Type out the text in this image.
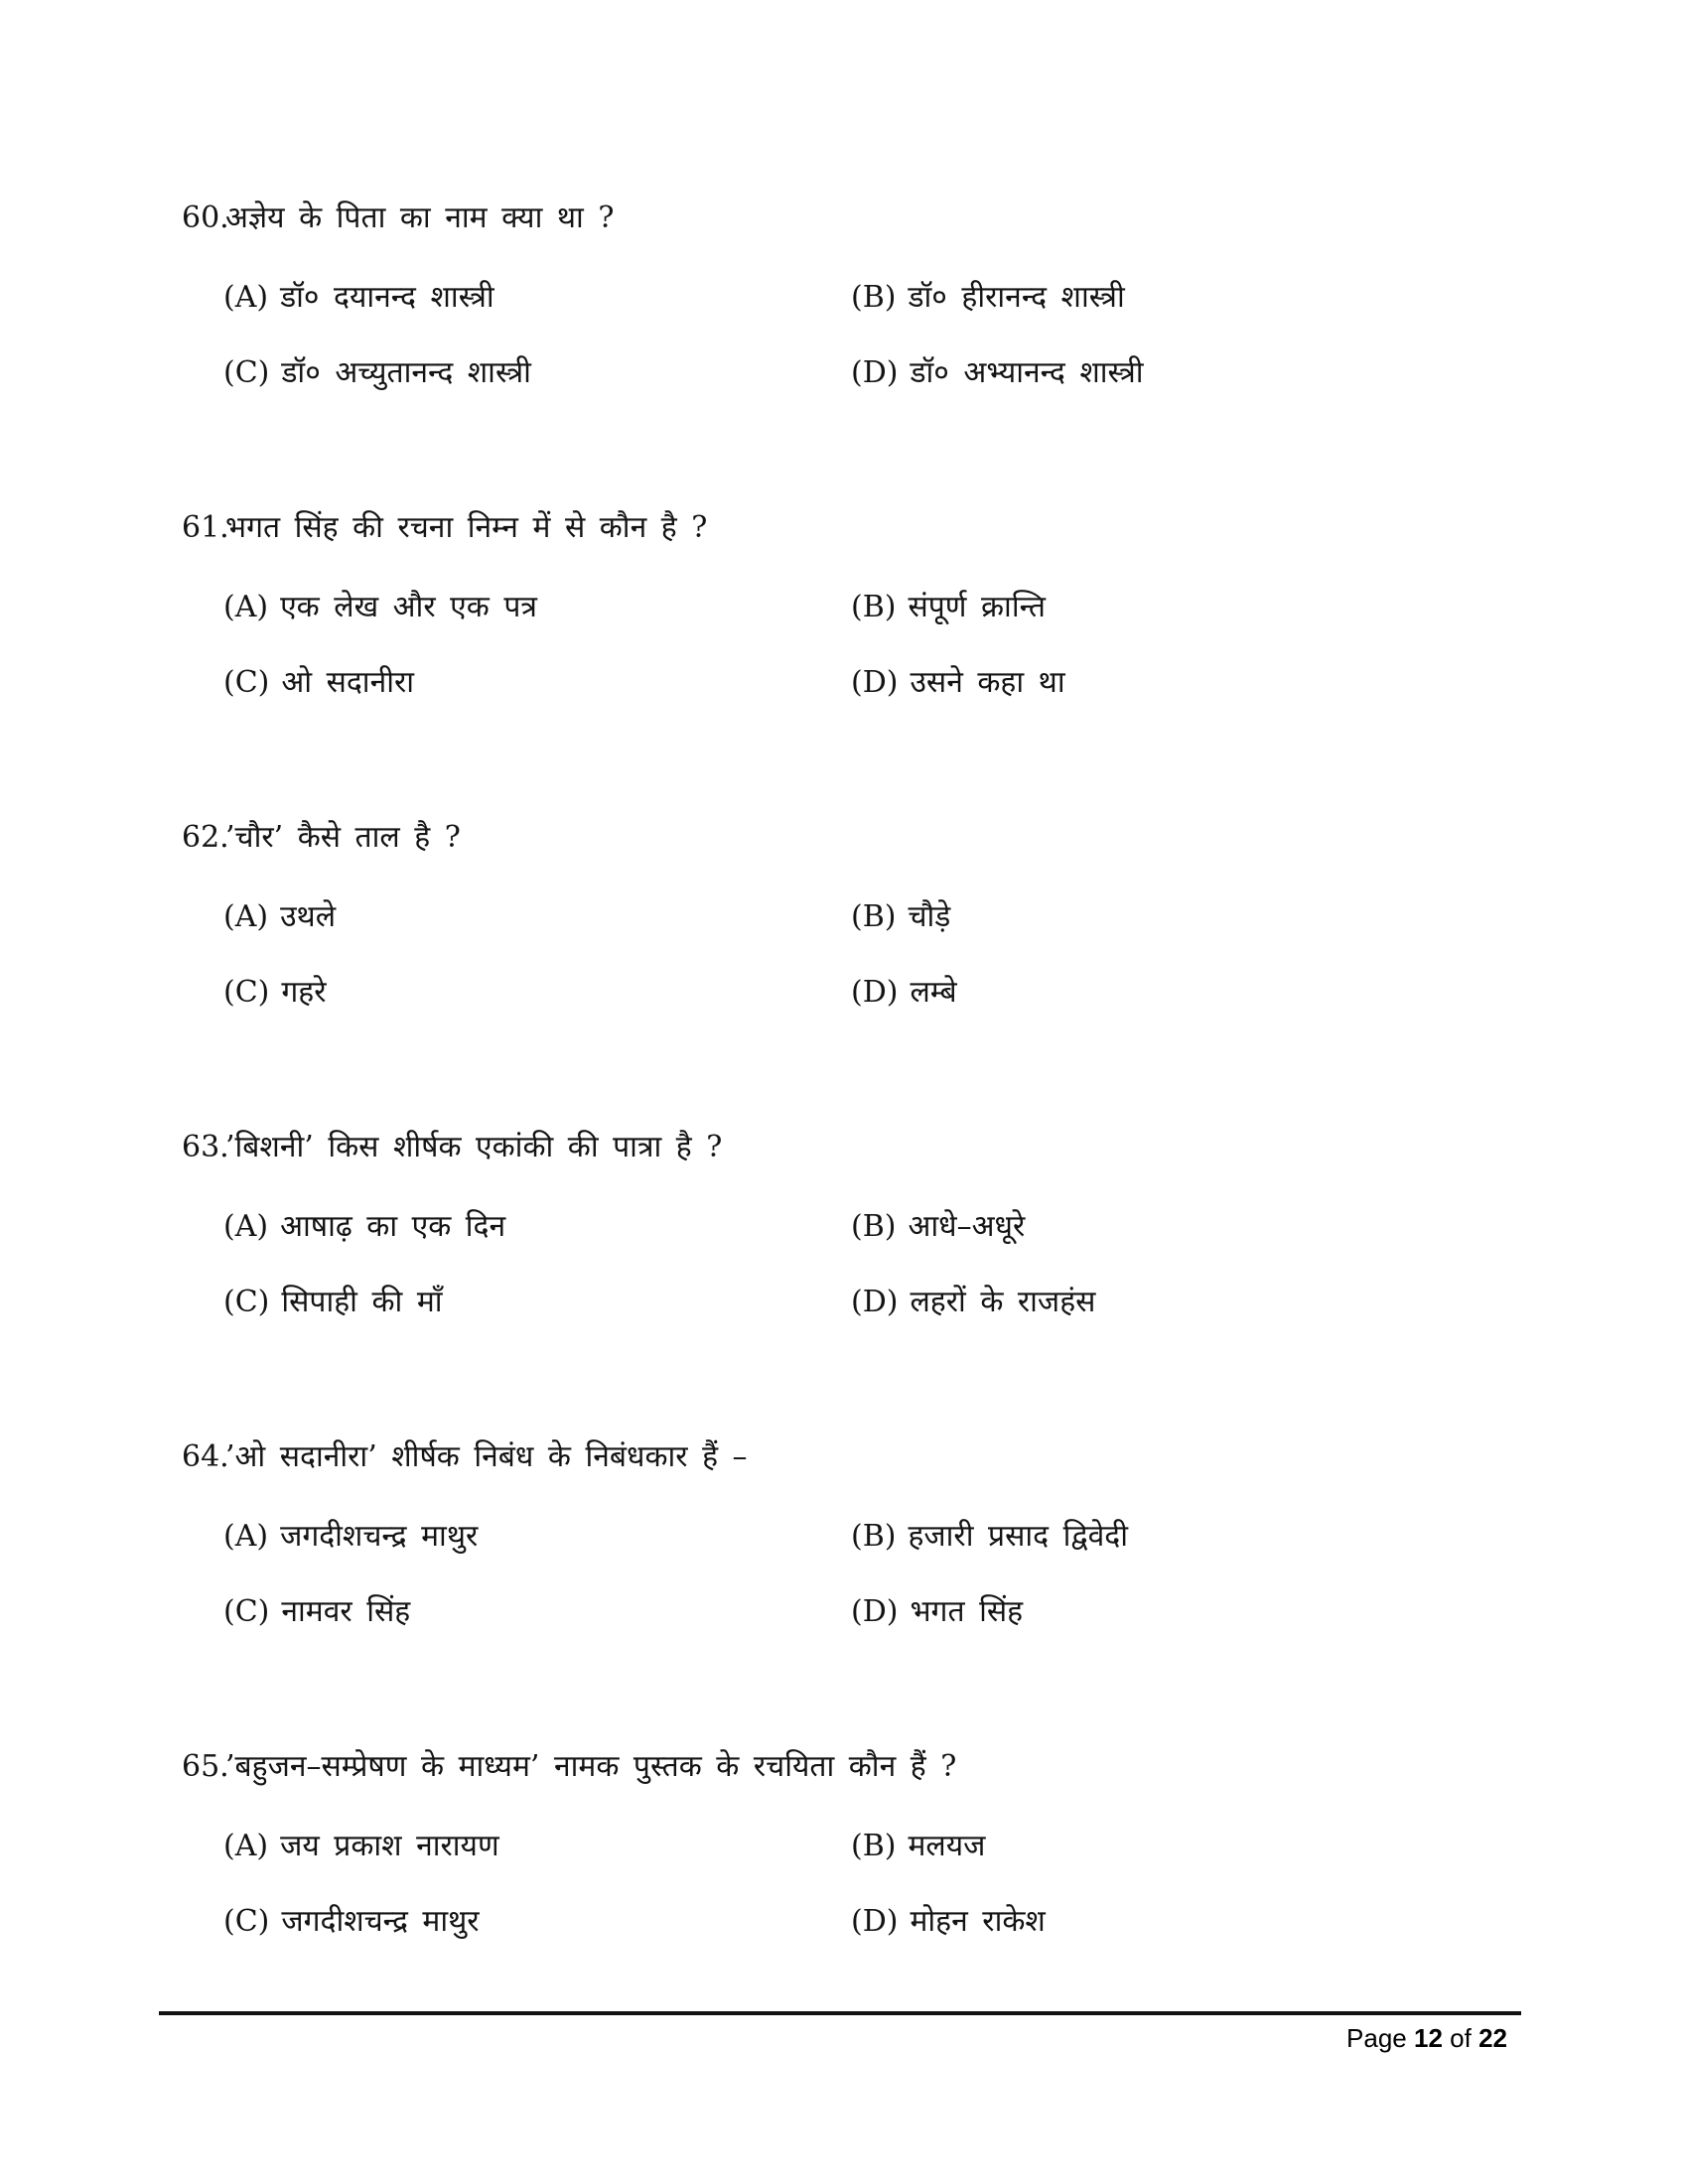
60.
अज्ञेय के पिता का नाम क्या था ?
(A) डॉ० दयानन्द शास्त्री	(B) डॉ० हीरानन्द शास्त्री
(C) डॉ० अच्युतानन्द शास्त्री	(D) डॉ० अभ्यानन्द शास्त्री
61.
भगत सिंह की रचना निम्न में से कौन है ?
(A) एक लेख और एक पत्र	(B) संपूर्ण क्रान्ति
(C) ओ सदानीरा	(D) उसने कहा था
62.
’चौर’ कैसे ताल है ?
(A) उथले	(B) चौड़े
(C) गहरे	(D) लम्बे
63.
’बिशनी’ किस शीर्षक एकांकी की पात्रा है ?
(A) आषाढ़ का एक दिन	(B) आधे–अधूरे
(C) सिपाही की माँ	(D) लहरों के राजहंस
64.
’ओ सदानीरा’ शीर्षक निबंध के निबंधकार हैं –
(A) जगदीशचन्द्र माथुर	(B) हजारी प्रसाद द्विवेदी
(C) नामवर सिंह	(D) भगत सिंह
65.
’बहुजन–सम्प्रेषण के माध्यम’ नामक पुस्तक के रचयिता कौन हैं ?
(A) जय प्रकाश नारायण	(B) मलयज
(C) जगदीशचन्द्र माथुर	(D) मोहन राकेश
Page 12 of 22
